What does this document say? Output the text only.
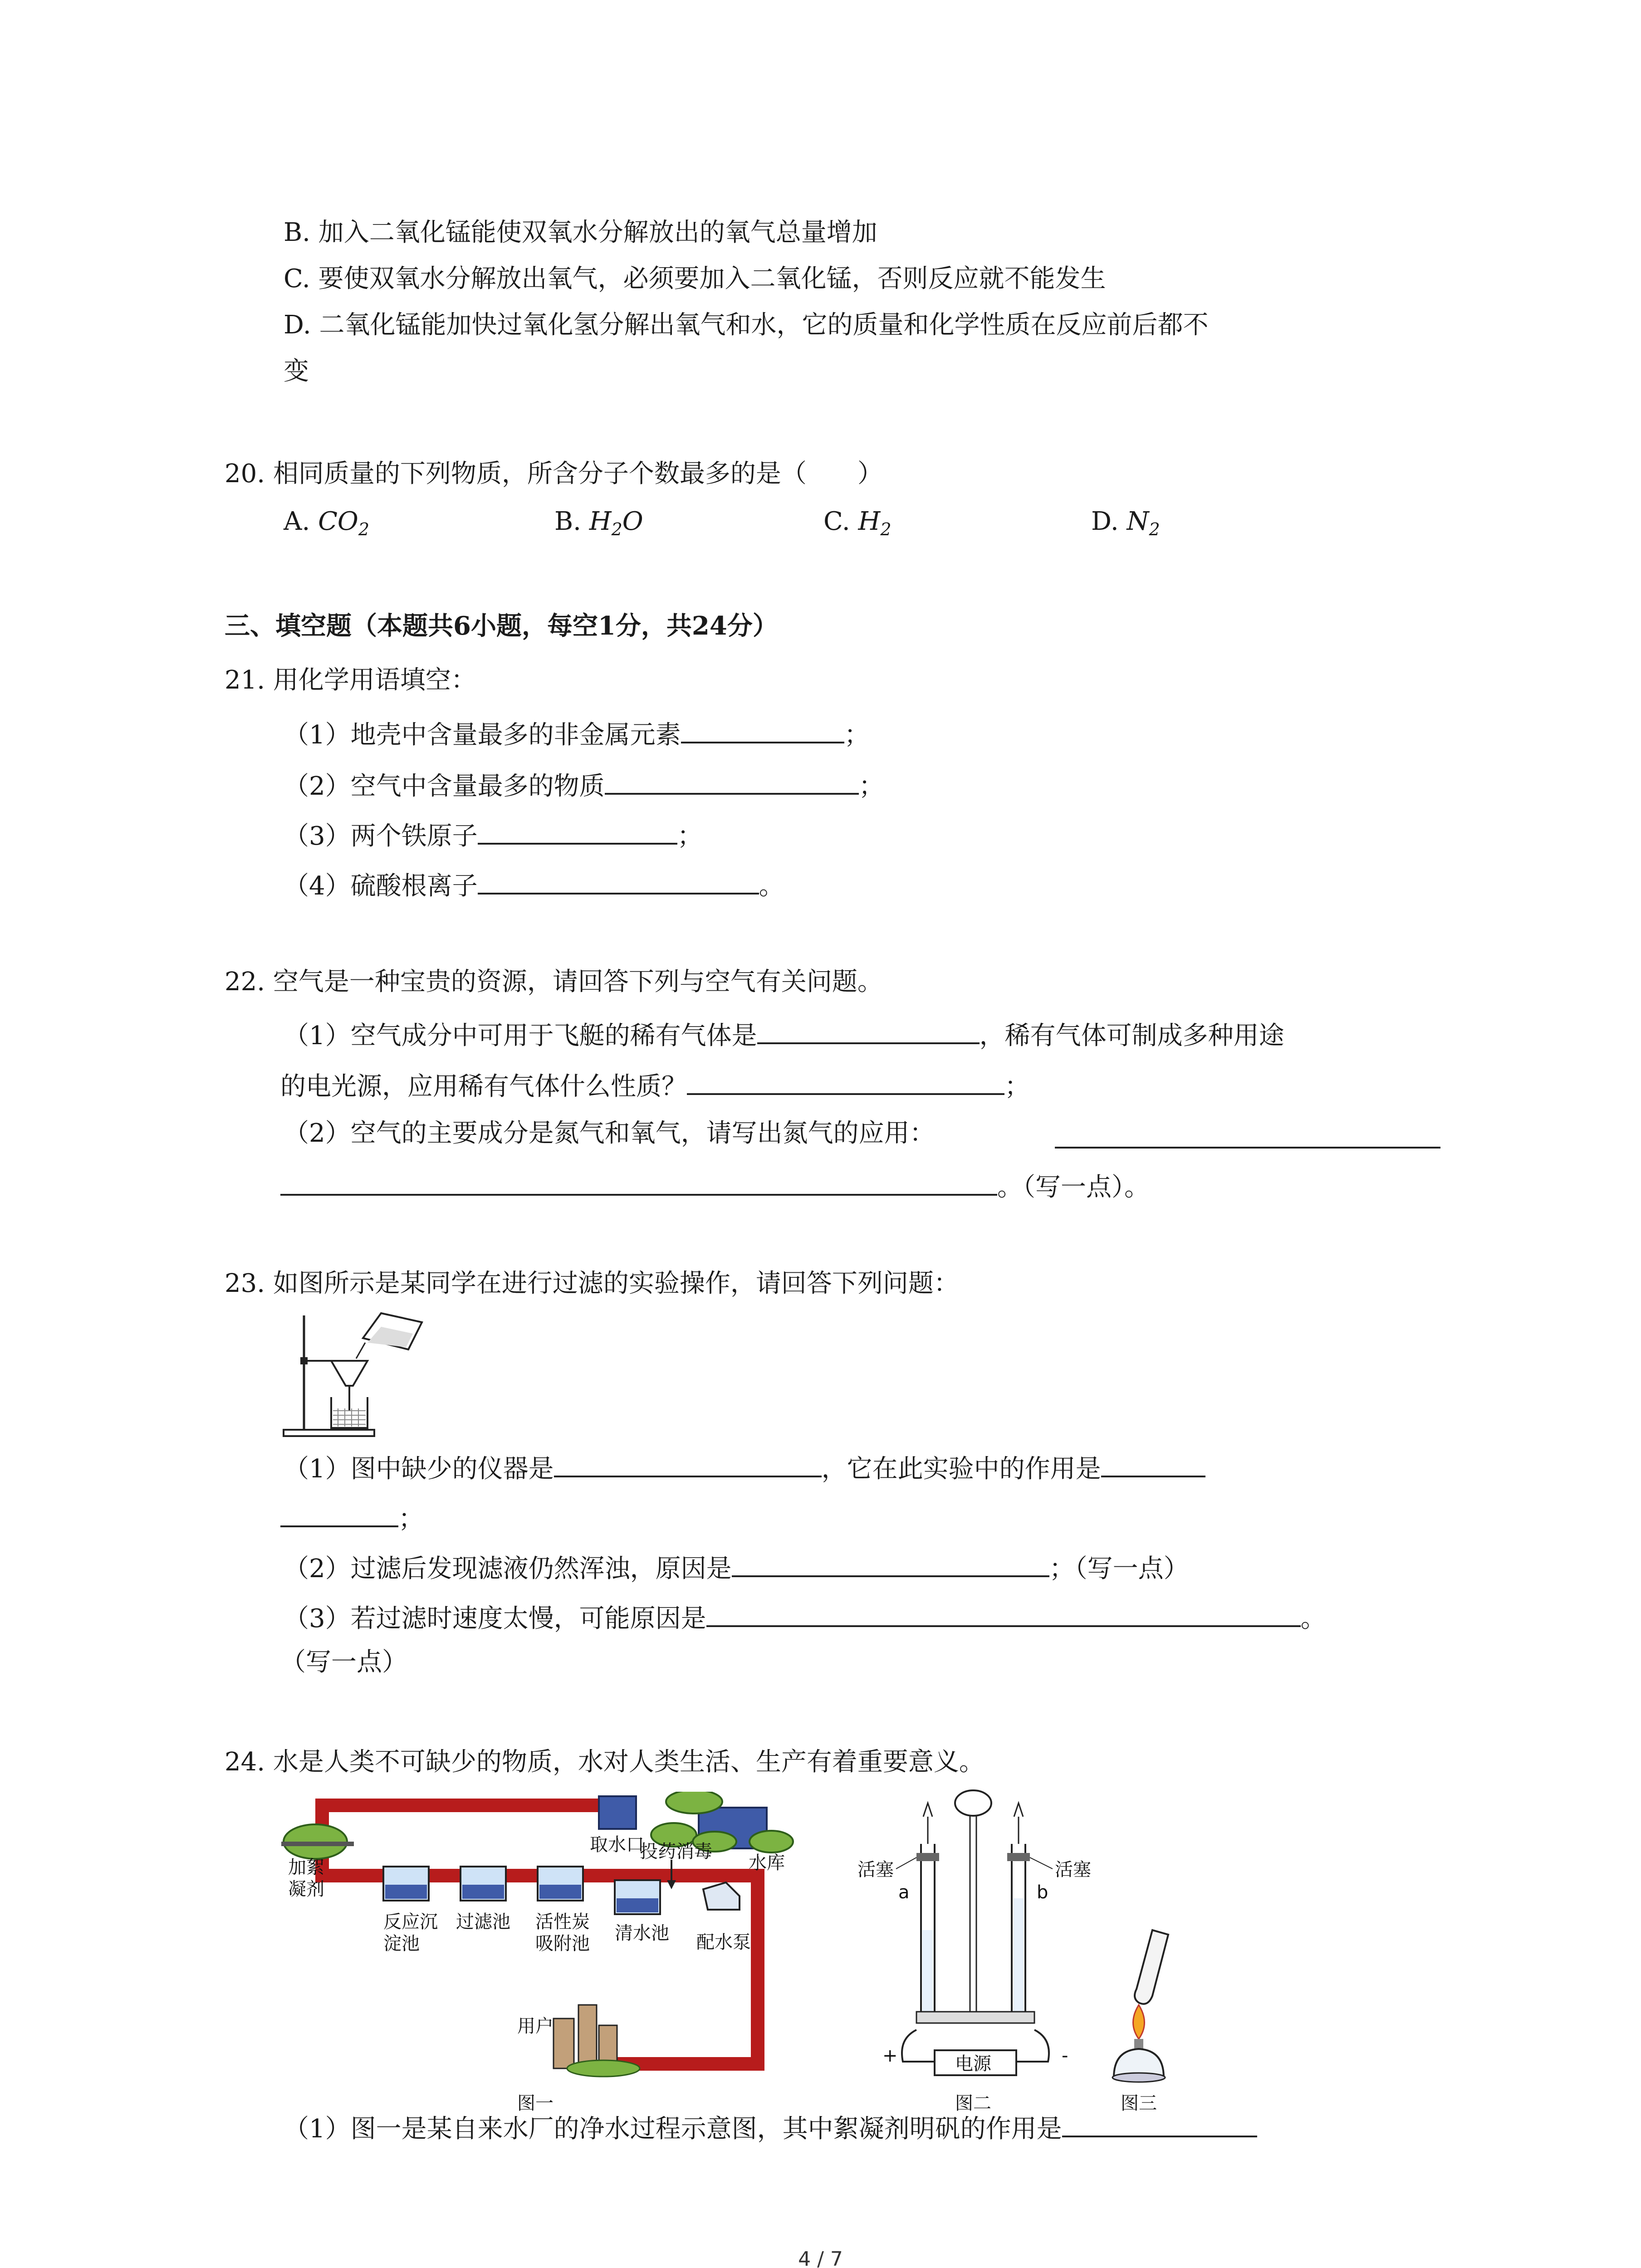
B. 加入二氧化锰能使双氧水分解放出的氧气总量增加
C. 要使双氧水分解放出氧气，必须要加入二氧化锰，否则反应就不能发生
D. 二氧化锰能加快过氧化氢分解出氧气和水，它的质量和化学性质在反应前后都不
变
20. 相同质量的下列物质，所含分子个数最多的是（　　）
A. $CO_2$	B. $H_2O$	C. $H_2$	D. $N_2$
三、填空题（本题共6小题，每空1分，共24分）
21. 用化学用语填空：
（1）地壳中含量最多的非金属元素	；
（2）空气中含量最多的物质	；
（3）两个铁原子	；
（4）硫酸根离子	。
22. 空气是一种宝贵的资源，请回答下列与空气有关问题。
（1）空气成分中可用于飞艇的稀有气体是	，稀有气体可制成多种用途
的电光源，应用稀有气体什么性质？	；
（2）空气的主要成分是氮气和氧气，请写出氮气的应用：
。（写一点）。
23. 如图所示是某同学在进行过滤的实验操作，请回答下列问题：
（1）图中缺少的仪器是	，它在此实验中的作用是
；
（2）过滤后发现滤液仍然浑浊，原因是	；（写一点）
（3）若过滤时速度太慢，可能原因是	。
（写一点）
24. 水是人类不可缺少的物质，水对人类生活、生产有着重要意义。
加絮
凝剂
取水口
水库
投药消毒
反应沉
淀池
过滤池 活性炭
吸附池 清水池 配水泵
用户
图一
活塞	活塞
a	b
+	-
电源
图二	图三
（1）图一是某自来水厂的净水过程示意图，其中絮凝剂明矾的作用是
4 / 7
